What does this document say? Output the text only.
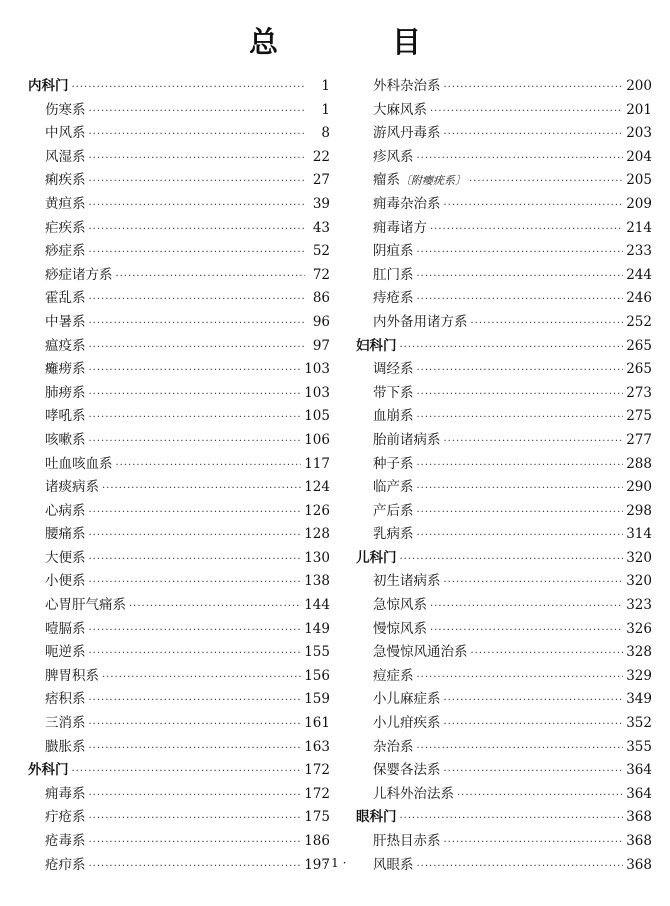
总 目
内科门 ·····	1
伤寒系 ·····	1
中风系 ·····	8
风湿系 ·····	22
痢疾系 ·····	27
黄疸系 ·····	39
疟疾系 ·····	43
痧症系 ·····	52
痧症诸方系 ·····	72
霍乱系 ·····	86
中暑系 ·····	96
瘟疫系 ·····	97
癱痨系 ·····	103
肺痨系 ·····	103
哮吼系 ·····	105
咳嗽系 ·····	106
吐血咳血系 ·····	117
诸痰病系 ·····	124
心病系 ·····	126
腰痛系 ·····	128
大便系 ·····	130
小便系 ·····	138
心胃肝气痛系 ·····	144
噎膈系 ·····	149
呃逆系 ·····	155
脾胃积系 ·····	156
痞积系 ·····	159
三消系 ·····	161
臌胀系 ·····	163
外科门 ·····	172
痈毒系 ·····	172
疔疮系 ·····	175
疮毒系 ·····	186
疮疖系 ·····	197
外科杂治系 ·····	200
大麻风系 ·····	201
游风丹毒系 ·····	203
疹风系 ·····	204
瘤系 〔附瘿疣系〕 ·····	205
痈毒杂治系 ·····	209
痈毒诸方 ·····	214
阴疽系 ·····	233
肛门系 ·····	244
痔疮系 ·····	246
内外备用诸方系 ·····	252
妇科门 ·····	265
调经系 ·····	265
带下系 ·····	273
血崩系 ·····	275
胎前诸病系 ·····	277
种子系 ·····	288
临产系 ·····	290
产后系 ·····	298
乳病系 ·····	314
儿科门 ·····	320
初生诸病系 ·····	320
急惊风系 ·····	323
慢惊风系 ·····	326
急慢惊风通治系 ·····	328
痘症系 ·····	329
小儿麻症系 ·····	349
小儿疳疾系 ·····	352
杂治系 ·····	355
保婴各法系 ·····	364
儿科外治法系 ·····	364
眼科门 ·····	368
肝热目赤系 ·····	368
风眼系 ·····	368
· 1 ·
